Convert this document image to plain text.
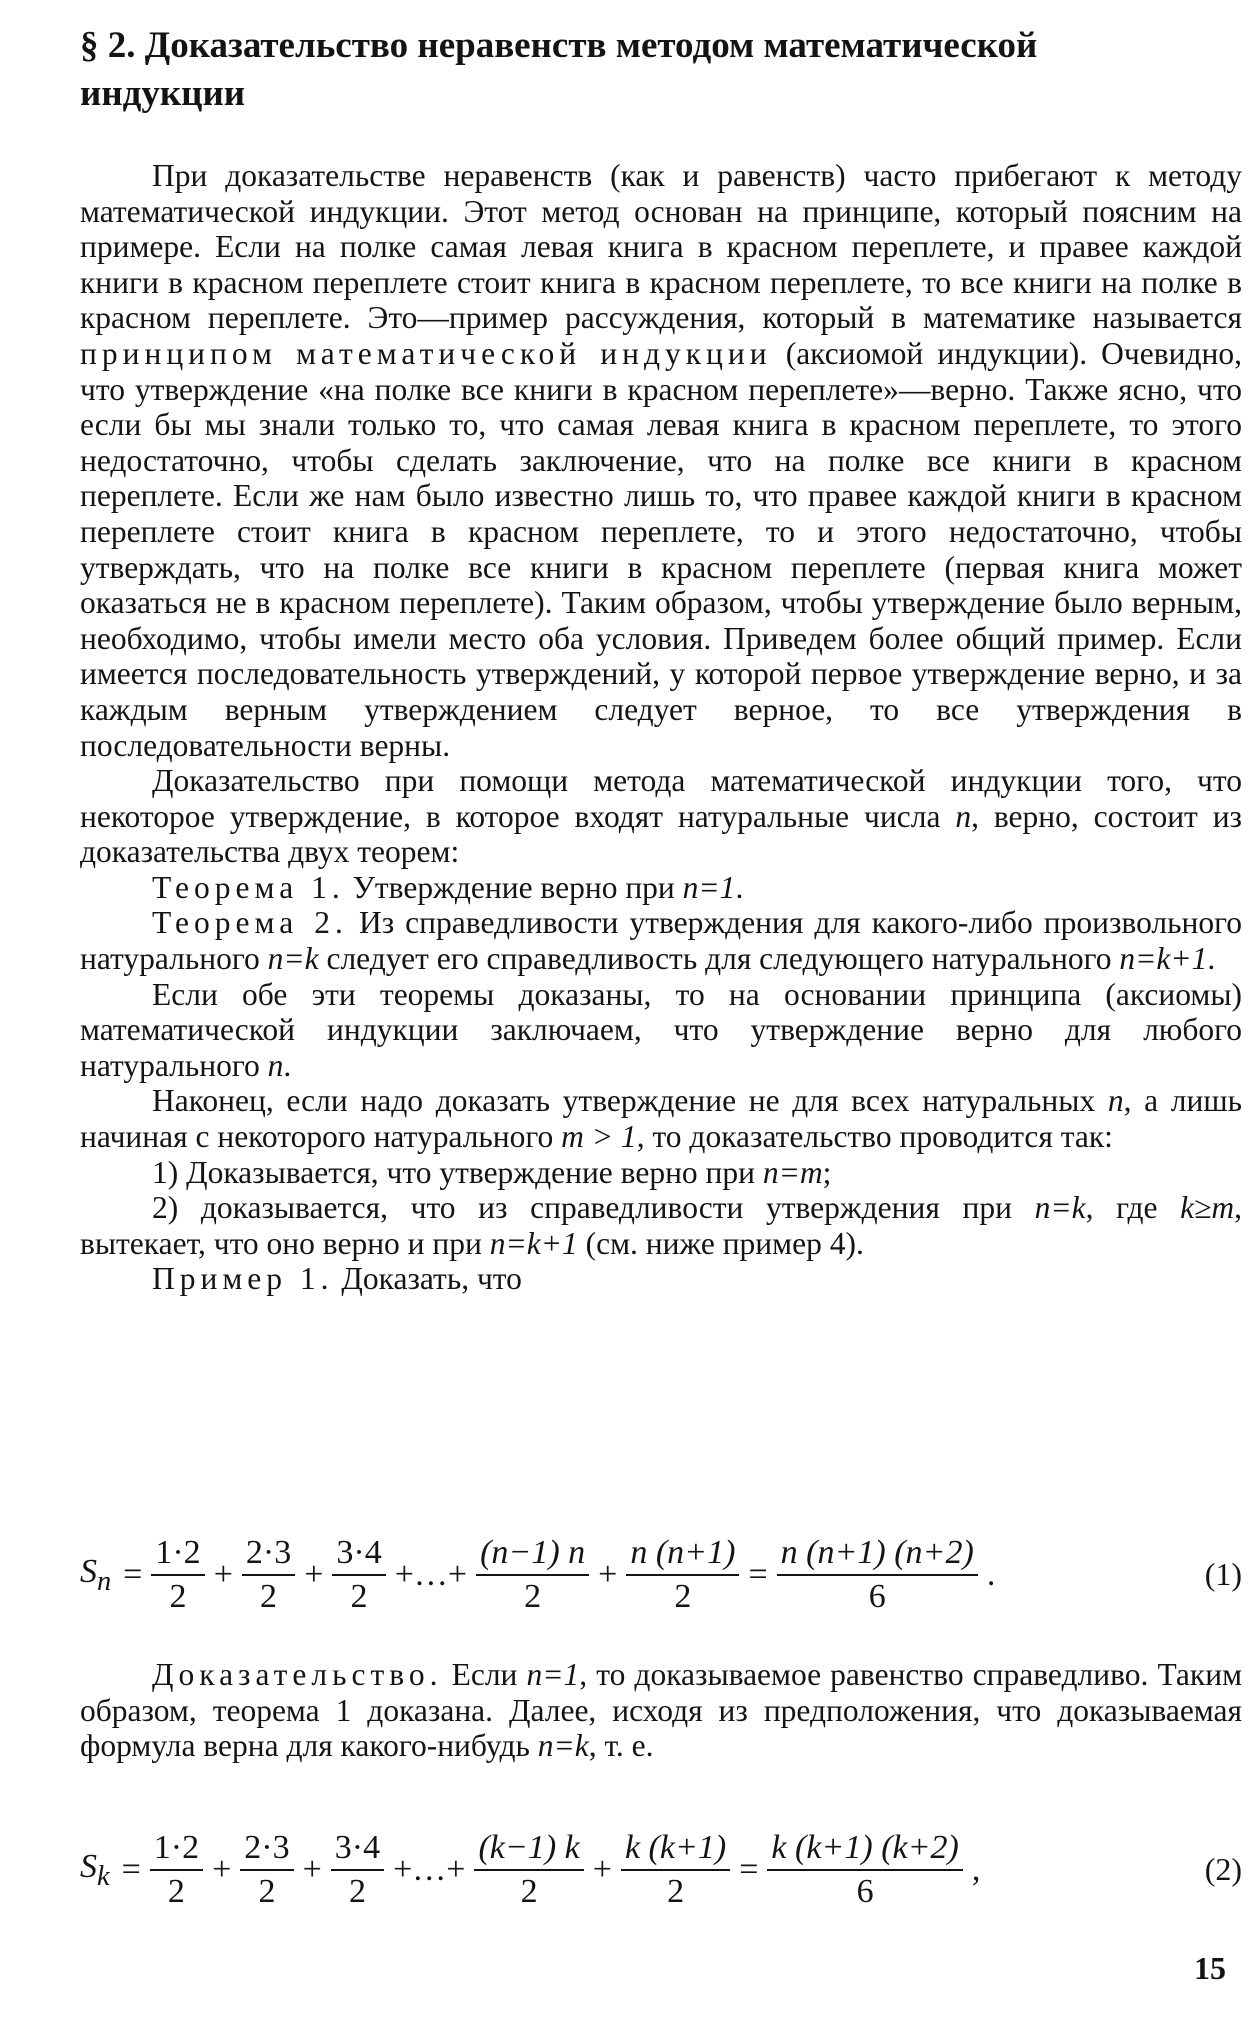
§ 2. Доказательство неравенств методом математической индукции

При доказательстве неравенств (как и равенств) часто прибегают к методу математической индукции. Этот метод основан на принципе, который поясним на примере. Если на полке самая левая книга в красном переплете, и правее каждой книги в красном переплете стоит книга в красном переплете, то все книги на полке в красном переплете. Это—пример рассуждения, который в математике называется принципом математической индукции (аксиомой индукции). Очевидно, что утверждение «на полке все книги в красном переплете»—верно. Также ясно, что если бы мы знали только то, что самая левая книга в красном переплете, то этого недостаточно, чтобы сделать заключение, что на полке все книги в красном переплете. Если же нам было известно лишь то, что правее каждой книги в красном переплете стоит книга в красном переплете, то и этого недостаточно, чтобы утверждать, что на полке все книги в красном переплете (первая книга может оказаться не в красном переплете). Таким образом, чтобы утверждение было верным, необходимо, чтобы имели место оба условия. Приведем более общий пример. Если имеется последовательность утверждений, у которой первое утверждение верно, и за каждым верным утверждением следует верное, то все утверждения в последовательности верны.

Доказательство при помощи метода математической индукции того, что некоторое утверждение, в которое входят натуральные числа n, верно, состоит из доказательства двух теорем:

Теорема 1. Утверждение верно при n=1.

Теорема 2. Из справедливости утверждения для какого-либо произвольного натурального n=k следует его справедливость для следующего натурального n=k+1.

Если обе эти теоремы доказаны, то на основании принципа (аксиомы) математической индукции заключаем, что утверждение верно для любого натурального n.

Наконец, если надо доказать утверждение не для всех натуральных n, а лишь начиная с некоторого натурального m > 1, то доказательство проводится так:

1) Доказывается, что утверждение верно при n=m;

2) доказывается, что из справедливости утверждения при n=k, где k≥m, вытекает, что оно верно и при n=k+1 (см. ниже пример 4).

Пример 1. Доказать, что

$S_n = \frac{1\cdot 2}{2} + \frac{2\cdot 3}{2} + \frac{3\cdot 4}{2}$ +…+ $\frac{(n-1) n}{2} + \frac{n (n+1)}{2} = \frac{n (n+1) (n+2)}{6}$ .	(1)

Доказательство. Если n=1, то доказываемое равенство справедливо. Таким образом, теорема 1 доказана. Далее, исходя из предположения, что доказываемая формула верна для какого-нибудь n=k, т. е.

$S_k = \frac{1\cdot 2}{2} + \frac{2\cdot 3}{2} + \frac{3\cdot 4}{2}$ +…+ $\frac{(k-1) k}{2} + \frac{k (k+1)}{2} = \frac{k (k+1) (k+2)}{6}$ ,	(2)
15
